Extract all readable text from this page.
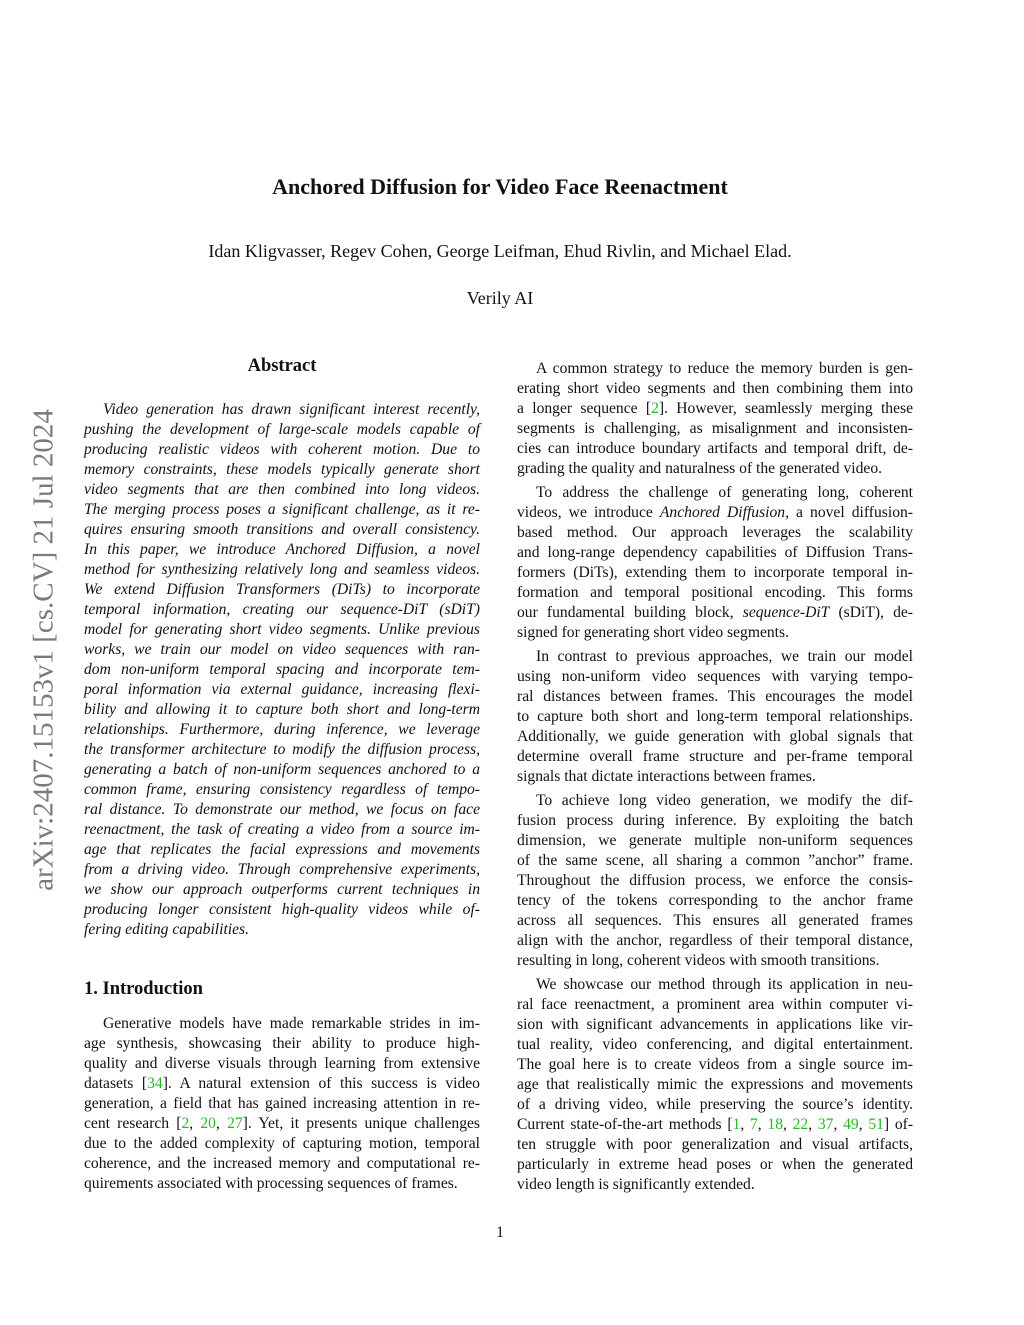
arXiv:2407.15153v1 [cs.CV] 21 Jul 2024
Anchored Diffusion for Video Face Reenactment
Idan Kligvasser, Regev Cohen, George Leifman, Ehud Rivlin, and Michael Elad.
Verily AI
Abstract
Video generation has drawn significant interest recently,
pushing the development of large-scale models capable of
producing realistic videos with coherent motion. Due to
memory constraints, these models typically generate short
video segments that are then combined into long videos.
The merging process poses a significant challenge, as it re-
quires ensuring smooth transitions and overall consistency.
In this paper, we introduce Anchored Diffusion, a novel
method for synthesizing relatively long and seamless videos.
We extend Diffusion Transformers (DiTs) to incorporate
temporal information, creating our sequence-DiT (sDiT)
model for generating short video segments. Unlike previous
works, we train our model on video sequences with ran-
dom non-uniform temporal spacing and incorporate tem-
poral information via external guidance, increasing flexi-
bility and allowing it to capture both short and long-term
relationships. Furthermore, during inference, we leverage
the transformer architecture to modify the diffusion process,
generating a batch of non-uniform sequences anchored to a
common frame, ensuring consistency regardless of tempo-
ral distance. To demonstrate our method, we focus on face
reenactment, the task of creating a video from a source im-
age that replicates the facial expressions and movements
from a driving video. Through comprehensive experiments,
we show our approach outperforms current techniques in
producing longer consistent high-quality videos while of-
fering editing capabilities.
1. Introduction
Generative models have made remarkable strides in im-
age synthesis, showcasing their ability to produce high-
quality and diverse visuals through learning from extensive
datasets [34]. A natural extension of this success is video
generation, a field that has gained increasing attention in re-
cent research [2, 20, 27]. Yet, it presents unique challenges
due to the added complexity of capturing motion, temporal
coherence, and the increased memory and computational re-
quirements associated with processing sequences of frames.
A common strategy to reduce the memory burden is gen-
erating short video segments and then combining them into
a longer sequence [2]. However, seamlessly merging these
segments is challenging, as misalignment and inconsisten-
cies can introduce boundary artifacts and temporal drift, de-
grading the quality and naturalness of the generated video.
To address the challenge of generating long, coherent
videos, we introduce Anchored Diffusion, a novel diffusion-
based method. Our approach leverages the scalability
and long-range dependency capabilities of Diffusion Trans-
formers (DiTs), extending them to incorporate temporal in-
formation and temporal positional encoding. This forms
our fundamental building block, sequence-DiT (sDiT), de-
signed for generating short video segments.
In contrast to previous approaches, we train our model
using non-uniform video sequences with varying tempo-
ral distances between frames. This encourages the model
to capture both short and long-term temporal relationships.
Additionally, we guide generation with global signals that
determine overall frame structure and per-frame temporal
signals that dictate interactions between frames.
To achieve long video generation, we modify the dif-
fusion process during inference. By exploiting the batch
dimension, we generate multiple non-uniform sequences
of the same scene, all sharing a common ”anchor” frame.
Throughout the diffusion process, we enforce the consis-
tency of the tokens corresponding to the anchor frame
across all sequences. This ensures all generated frames
align with the anchor, regardless of their temporal distance,
resulting in long, coherent videos with smooth transitions.
We showcase our method through its application in neu-
ral face reenactment, a prominent area within computer vi-
sion with significant advancements in applications like vir-
tual reality, video conferencing, and digital entertainment.
The goal here is to create videos from a single source im-
age that realistically mimic the expressions and movements
of a driving video, while preserving the source’s identity.
Current state-of-the-art methods [1, 7, 18, 22, 37, 49, 51] of-
ten struggle with poor generalization and visual artifacts,
particularly in extreme head poses or when the generated
video length is significantly extended.
1
